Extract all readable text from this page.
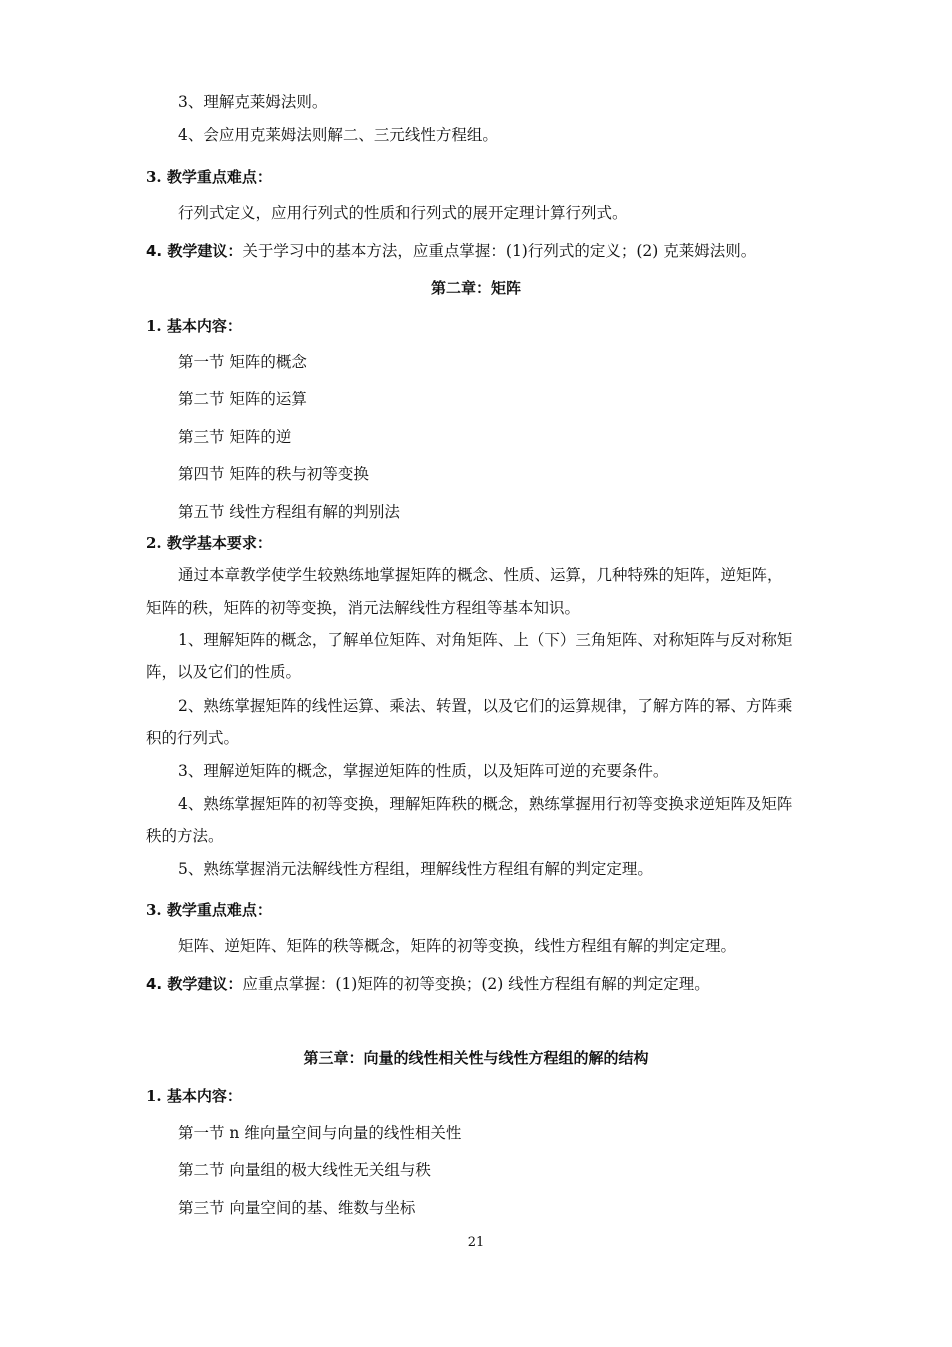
3、理解克莱姆法则。
4、会应用克莱姆法则解二、三元线性方程组。
3. 教学重点难点：
行列式定义，应用行列式的性质和行列式的展开定理计算行列式。
4. 教学建议：关于学习中的基本方法，应重点掌握：(1)行列式的定义；(2) 克莱姆法则。
第二章：矩阵
1. 基本内容：
第一节 矩阵的概念
第二节 矩阵的运算
第三节 矩阵的逆
第四节 矩阵的秩与初等变换
第五节 线性方程组有解的判别法
2. 教学基本要求：
通过本章教学使学生较熟练地掌握矩阵的概念、性质、运算，几种特殊的矩阵，逆矩阵，
矩阵的秩，矩阵的初等变换，消元法解线性方程组等基本知识。
1、理解矩阵的概念，了解单位矩阵、对角矩阵、上（下）三角矩阵、对称矩阵与反对称矩
阵，以及它们的性质。
2、熟练掌握矩阵的线性运算、乘法、转置，以及它们的运算规律，了解方阵的幂、方阵乘
积的行列式。
3、理解逆矩阵的概念，掌握逆矩阵的性质，以及矩阵可逆的充要条件。
4、熟练掌握矩阵的初等变换，理解矩阵秩的概念，熟练掌握用行初等变换求逆矩阵及矩阵
秩的方法。
5、熟练掌握消元法解线性方程组，理解线性方程组有解的判定定理。
3. 教学重点难点：
矩阵、逆矩阵、矩阵的秩等概念，矩阵的初等变换，线性方程组有解的判定定理。
4. 教学建议：应重点掌握：(1)矩阵的初等变换；(2) 线性方程组有解的判定定理。
第三章：向量的线性相关性与线性方程组的解的结构
1. 基本内容：
第一节 n 维向量空间与向量的线性相关性
第二节 向量组的极大线性无关组与秩
第三节 向量空间的基、维数与坐标
21
